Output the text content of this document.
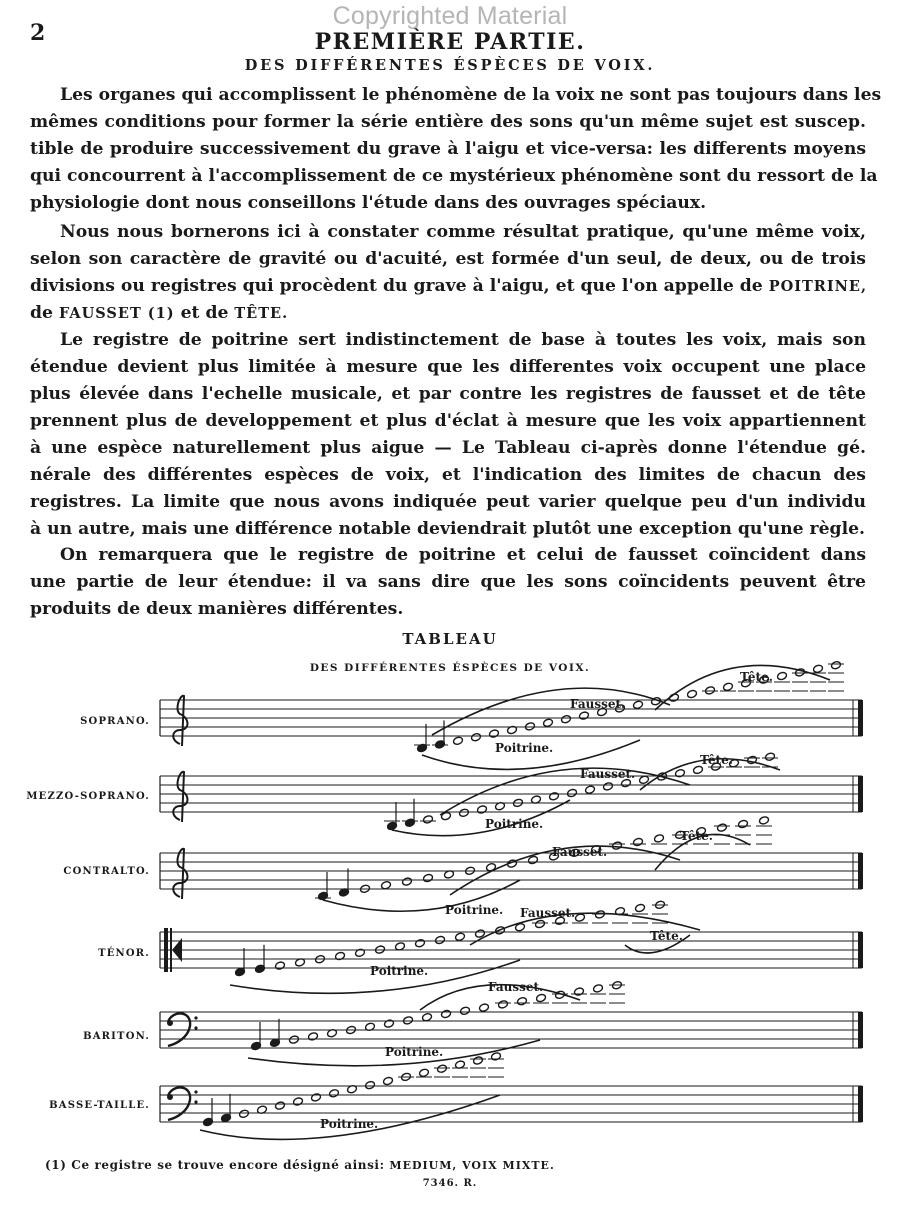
Copyrighted Material
2	PREMIÈRE PARTIE.
DES DIFFÉRENTES ÉSPÈCES DE VOIX.
Les organes qui accomplissent le phénomène de la voix ne sont pas toujours dans les
mêmes conditions pour former la série entière des sons qu'un même sujet est suscep.
tible de produire successivement du grave à l'aigu et vice-versa: les differents moyens
qui concourrent à l'accomplissement de ce mystérieux phénomène sont du ressort de la
physiologie dont nous conseillons l'étude dans des ouvrages spéciaux.
Nous nous bornerons ici à constater comme résultat pratique, qu'une même voix,
selon son caractère de gravité ou d'acuité, est formée d'un seul, de deux, ou de trois
divisions ou registres qui procèdent du grave à l'aigu, et que l'on appelle de POITRINE,
de FAUSSET (1) et de TÊTE.
Le registre de poitrine sert indistinctement de base à toutes les voix, mais son
étendue devient plus limitée à mesure que les differentes voix occupent une place
plus élevée dans l'echelle musicale, et par contre les registres de fausset et de tête
prennent plus de developpement et plus d'éclat à mesure que les voix appartiennent
à une espèce naturellement plus aigue — Le Tableau ci-après donne l'étendue gé.
nérale des différentes espèces de voix, et l'indication des limites de chacun des
registres. La limite que nous avons indiquée peut varier quelque peu d'un individu
à un autre, mais une différence notable deviendrait plutôt une exception qu'une règle.
On remarquera que le registre de poitrine et celui de fausset coïncident dans
une partie de leur étendue: il va sans dire que les sons coïncidents peuvent être
produits de deux manières différentes.
TABLEAU
DES DIFFÉRENTES ÉSPÈCES DE VOIX.
SOPRANO.
MEZZO-SOPRANO.
CONTRALTO.
TÉNOR.
BARITON.
BASSE-TAILLE.
Poitrine.
Fausset.
Tête.
Poitrine.
Fausset.
Tête.
Poitrine.
Fausset.
Tête.
Poitrine.
Fausset.
Tête.
Poitrine.
Fausset.
Poitrine.
(1) Ce registre se trouve encore désigné ainsi: MEDIUM, VOIX MIXTE.
7346. R.
